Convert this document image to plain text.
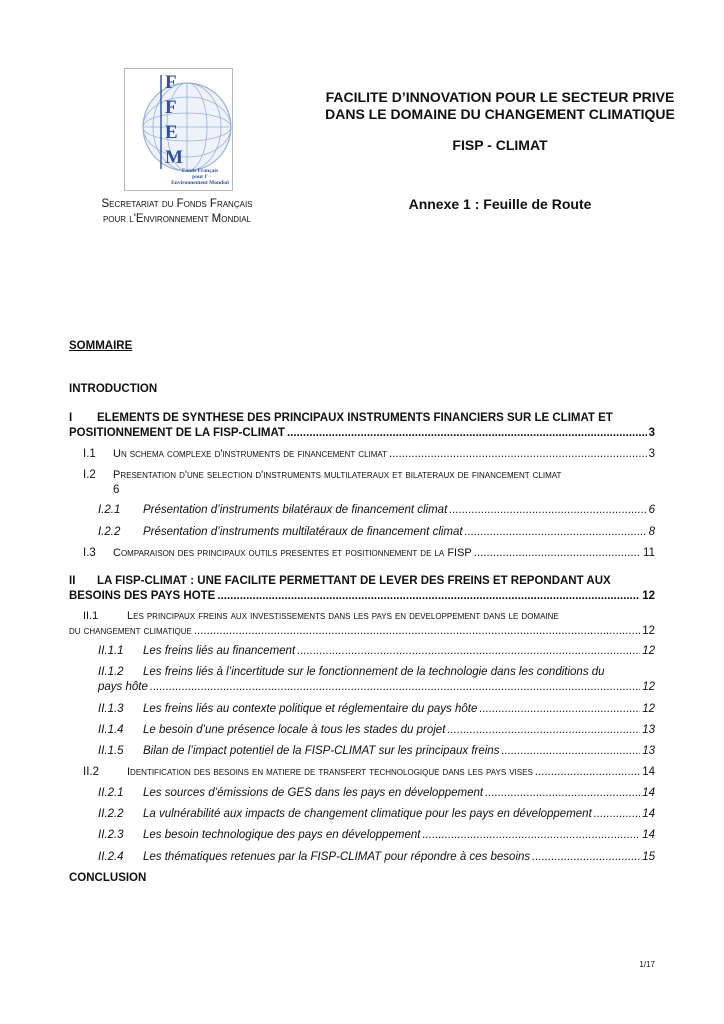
F
F
E
M
Fonds Français
pour l'
Environnement Mondial
Secretariat du Fonds Français
pour l'Environnement Mondial
FACILITE D’INNOVATION POUR LE SECTEUR PRIVE
DANS LE DOMAINE DU CHANGEMENT CLIMATIQUE
FISP - CLIMAT
Annexe 1 : Feuille de Route
SOMMAIRE
INTRODUCTION
I ELEMENTS DE SYNTHESE DES PRINCIPAUX INSTRUMENTS FINANCIERS SUR LE CLIMAT ET
POSITIONNEMENT DE LA FISP-CLIMAT .....	3
I.1 Un schema complexe d'instruments de financement climat .....	3
I.2	Presentation d'une selection d'instruments multilateraux et bilateraux de financement climat
6
I.2.1 Présentation d’instruments bilatéraux de financement climat .....	6
I.2.2 Présentation d’instruments multilatéraux de financement climat .....	8
I.3 Comparaison des principaux outils presentes et positionnement de la FISP .....	11
II LA FISP-CLIMAT : UNE FACILITE PERMETTANT DE LEVER DES FREINS ET REPONDANT AUX
BESOINS DES PAYS HOTE .....	12
II.1	Les principaux freins aux investissements dans les pays en developpement dans le domaine
du changement climatique .....	12
II.1.1 Les freins liés au financement .....	12
II.1.2	Les freins liés à l’incertitude sur le fonctionnement de la technologie dans les conditions du
pays hôte .....	12
II.1.3 Les freins liés au contexte politique et réglementaire du pays hôte .....	12
II.1.4 Le besoin d’une présence locale à tous les stades du projet .....	13
II.1.5 Bilan de l’impact potentiel de la FISP-CLIMAT sur les principaux freins .....	13
II.2	Identification des besoins en matiere de transfert technologique dans les pays vises .....	14
II.2.1 Les sources d’émissions de GES dans les pays en développement .....	14
II.2.2 La vulnérabilité aux impacts de changement climatique pour les pays en développement .....	14
II.2.3 Les besoin technologique des pays en développement .....	14
II.2.4 Les thématiques retenues par la FISP-CLIMAT pour répondre à ces besoins .....	15
CONCLUSION
1/17
